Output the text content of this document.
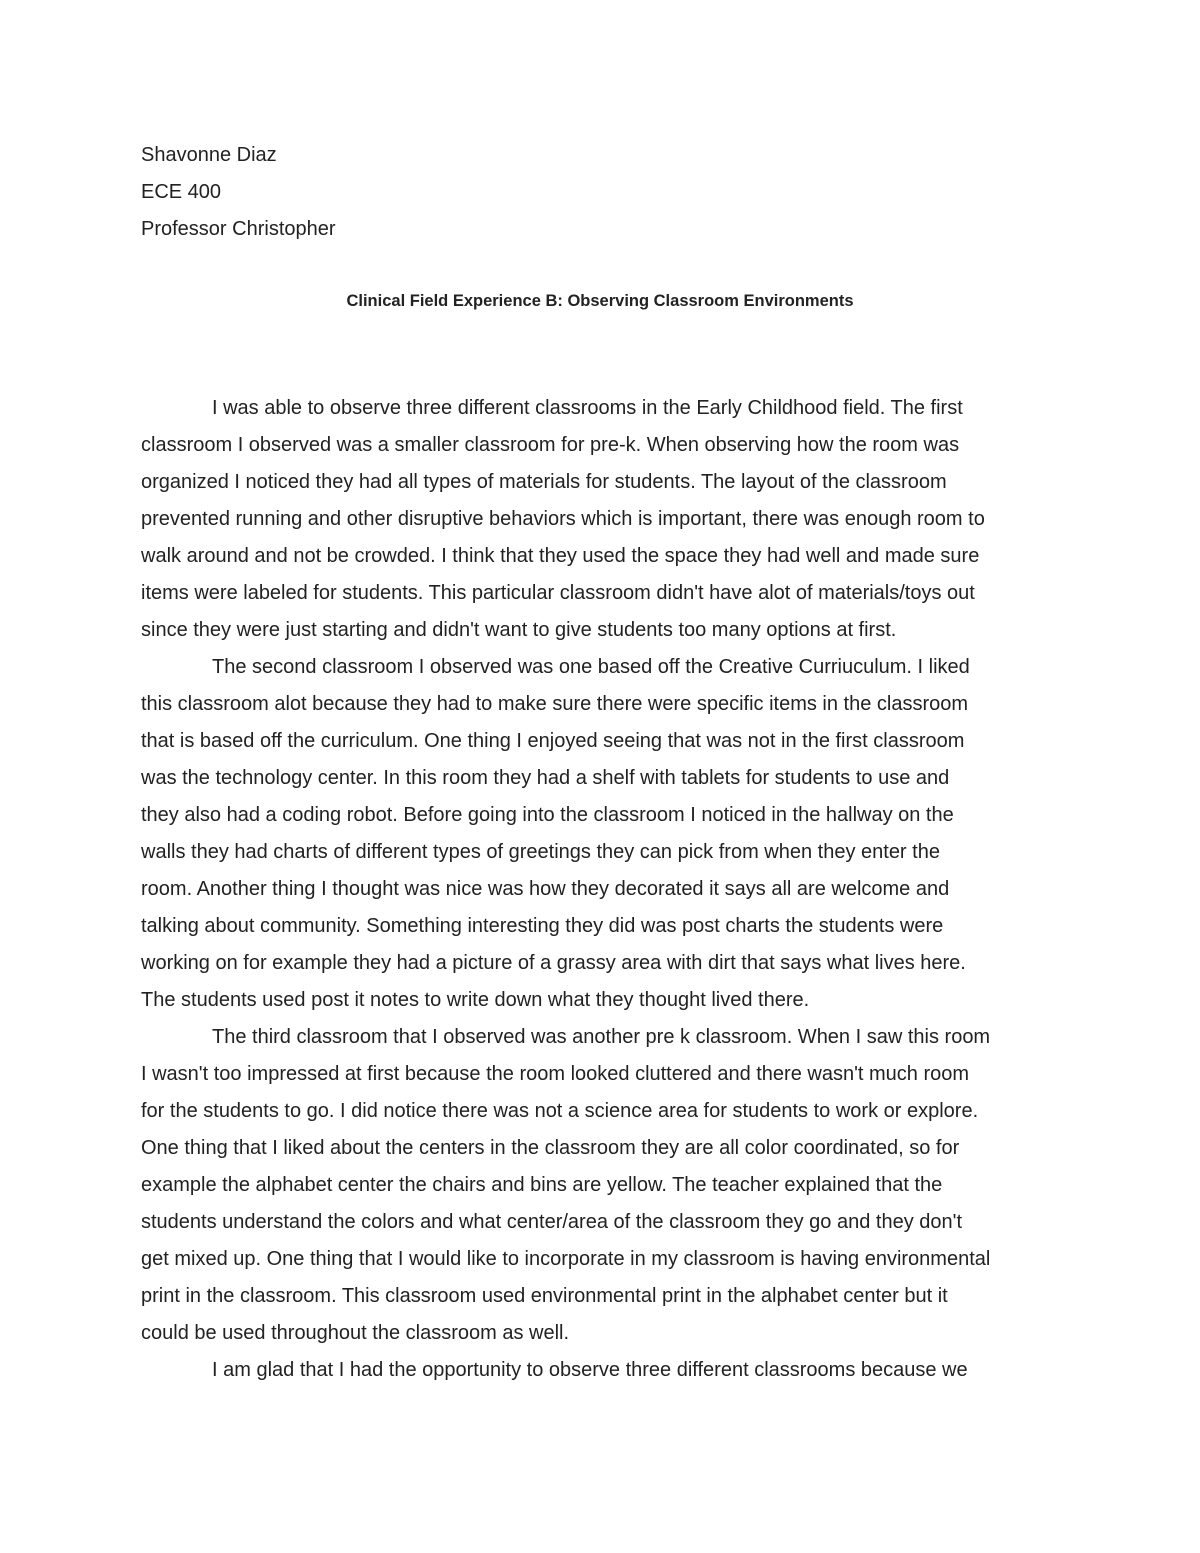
Shavonne Diaz
ECE 400
Professor Christopher
Clinical Field Experience B: Observing Classroom Environments
I was able to observe three different classrooms in the Early Childhood field. The first
classroom I observed was a smaller classroom for pre-k. When observing how the room was
organized I noticed they had all types of materials for students. The layout of the classroom
prevented running and other disruptive behaviors which is important, there was enough room to
walk around and not be crowded. I think that they used the space they had well and made sure
items were labeled for students. This particular classroom didn't have alot of materials/toys out
since they were just starting and didn't want to give students too many options at first.
The second classroom I observed was one based off the Creative Curriuculum. I liked
this classroom alot because they had to make sure there were specific items in the classroom
that is based off the curriculum. One thing I enjoyed seeing that was not in the first classroom
was the technology center. In this room they had a shelf with tablets for students to use and
they also had a coding robot. Before going into the classroom I noticed in the hallway on the
walls they had charts of different types of greetings they can pick from when they enter the
room. Another thing I thought was nice was how they decorated it says all are welcome and
talking about community. Something interesting they did was post charts the students were
working on for example they had a picture of a grassy area with dirt that says what lives here.
The students used post it notes to write down what they thought lived there.
The third classroom that I observed was another pre k classroom. When I saw this room
I wasn't too impressed at first because the room looked cluttered and there wasn't much room
for the students to go. I did notice there was not a science area for students to work or explore.
One thing that I liked about the centers in the classroom they are all color coordinated, so for
example the alphabet center the chairs and bins are yellow. The teacher explained that the
students understand the colors and what center/area of the classroom they go and they don't
get mixed up. One thing that I would like to incorporate in my classroom is having environmental
print in the classroom. This classroom used environmental print in the alphabet center but it
could be used throughout the classroom as well.
I am glad that I had the opportunity to observe three different classrooms because we
